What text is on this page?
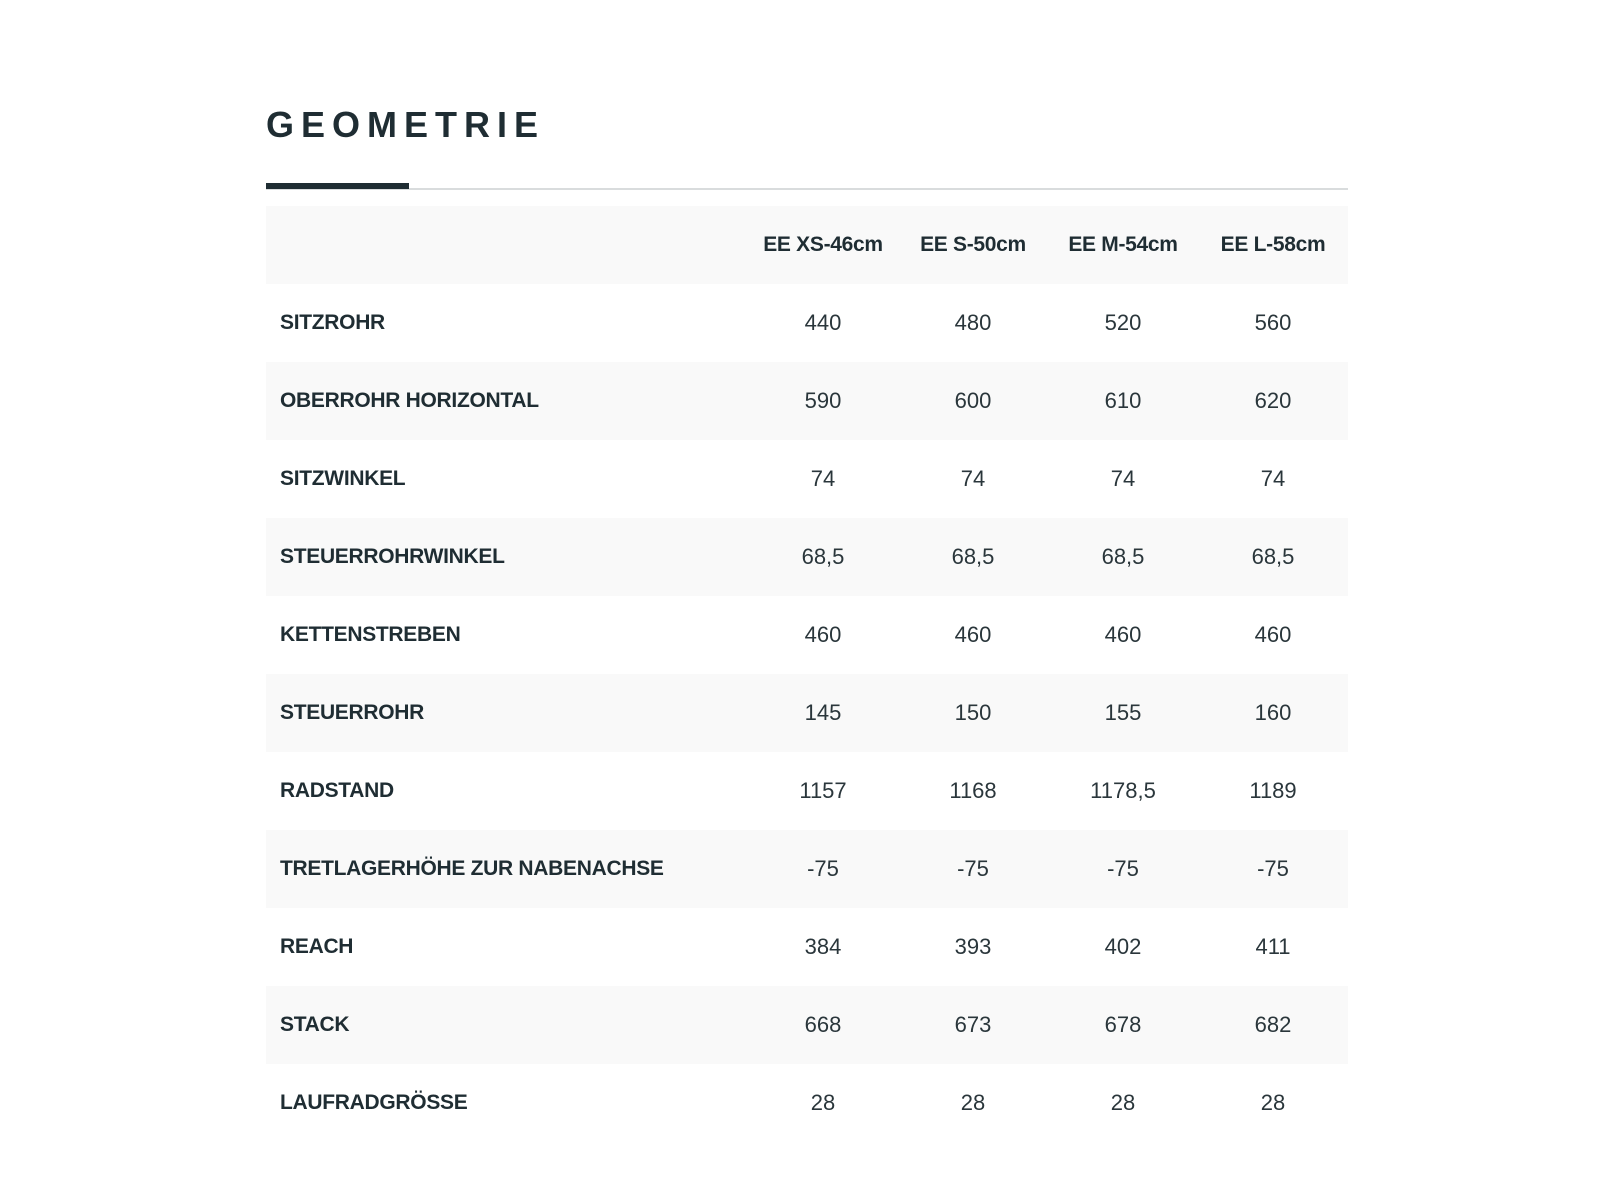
GEOMETRIE
	EE XS-46cm	EE S-50cm	EE M-54cm	EE L-58cm
SITZROHR	440	480	520	560
OBERROHR HORIZONTAL	590	600	610	620
SITZWINKEL	74	74	74	74
STEUERROHRWINKEL	68,5	68,5	68,5	68,5
KETTENSTREBEN	460	460	460	460
STEUERROHR	145	150	155	160
RADSTAND	1157	1168	1178,5	1189
TRETLAGERHÖHE ZUR NABENACHSE	-75	-75	-75	-75
REACH	384	393	402	411
STACK	668	673	678	682
LAUFRADGRÖSSE	28	28	28	28
